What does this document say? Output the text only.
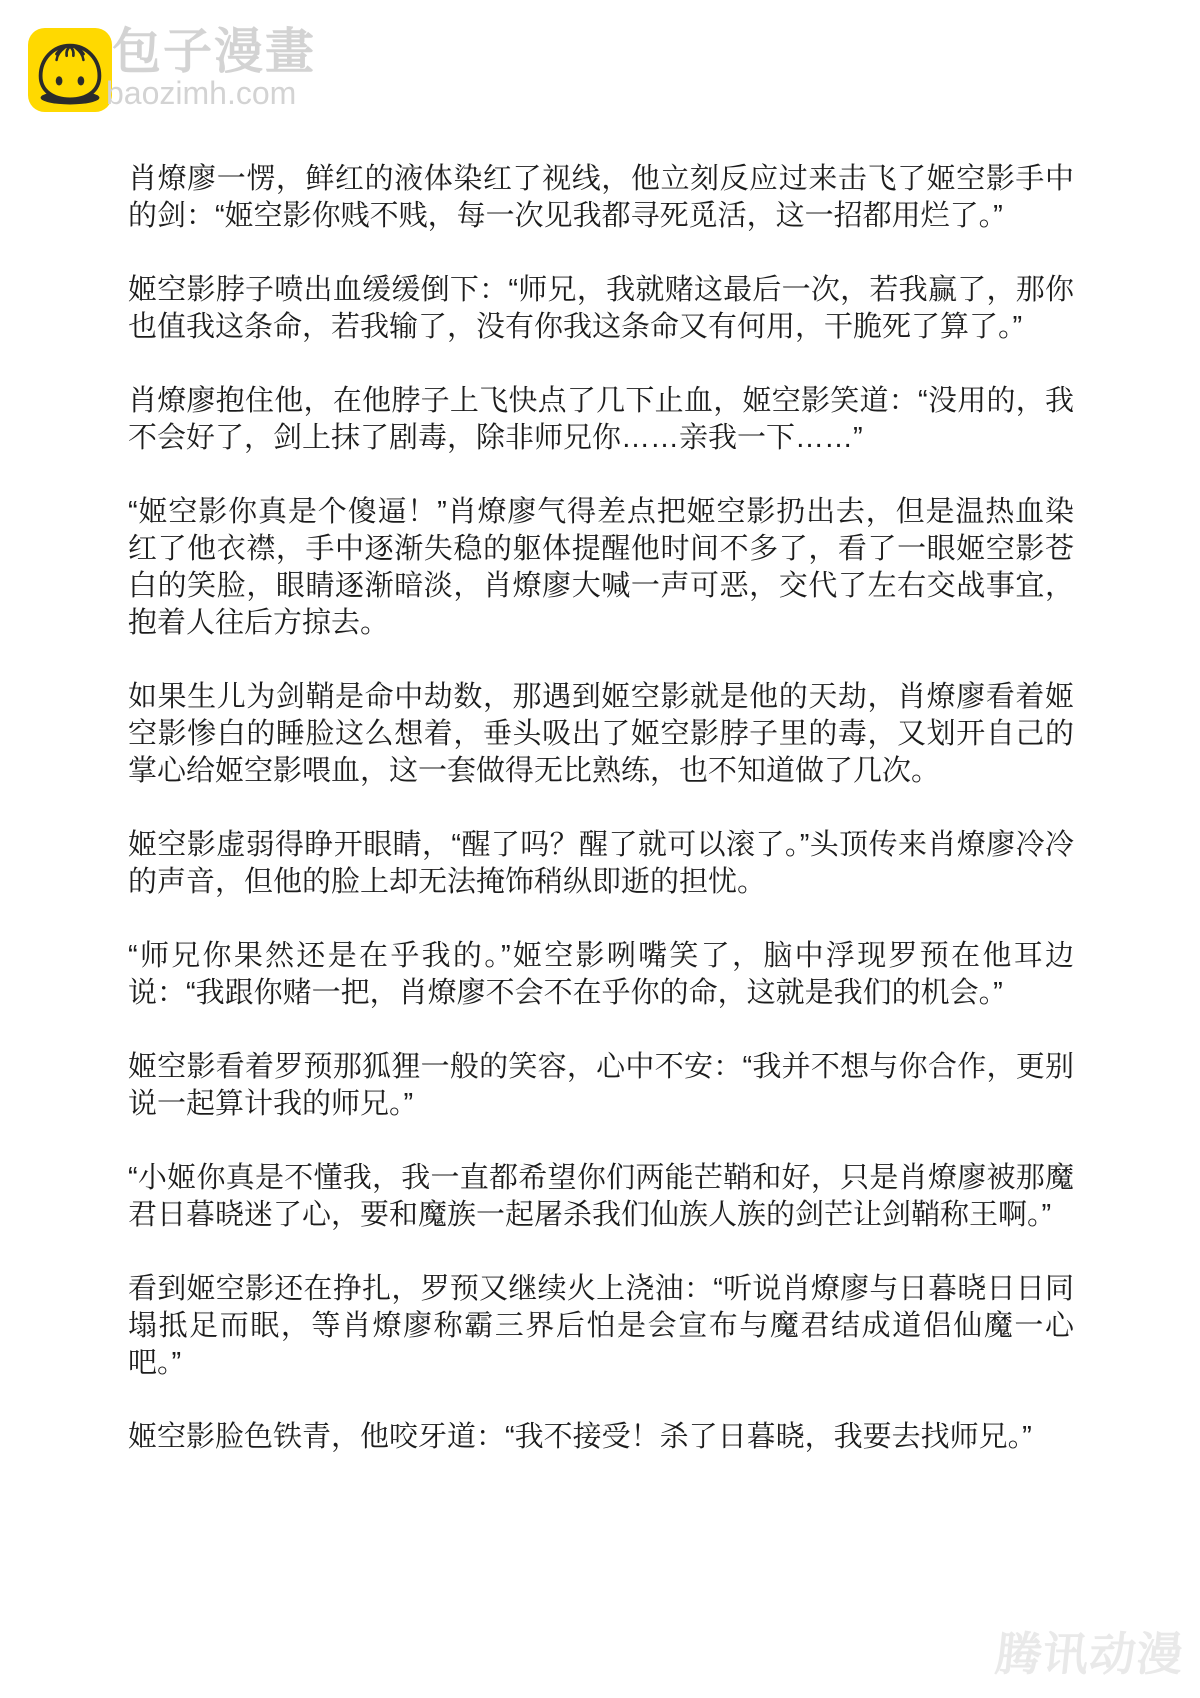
包子漫畫
baozimh.com

肖燎廖一愣，鲜红的液体染红了视线，他立刻反应过来击飞了姬空影手中的剑：“姬空影你贱不贱，每一次见我都寻死觅活，这一招都用烂了。”

姬空影脖子喷出血缓缓倒下：“师兄，我就赌这最后一次，若我赢了，那你也值我这条命，若我输了，没有你我这条命又有何用，干脆死了算了。”

肖燎廖抱住他，在他脖子上飞快点了几下止血，姬空影笑道：“没用的，我不会好了，剑上抹了剧毒，除非师兄你……亲我一下……”

“姬空影你真是个傻逼！”肖燎廖气得差点把姬空影扔出去，但是温热血染红了他衣襟，手中逐渐失稳的躯体提醒他时间不多了，看了一眼姬空影苍白的笑脸，眼睛逐渐暗淡，肖燎廖大喊一声可恶，交代了左右交战事宜，抱着人往后方掠去。

如果生儿为剑鞘是命中劫数，那遇到姬空影就是他的天劫，肖燎廖看着姬空影惨白的睡脸这么想着，垂头吸出了姬空影脖子里的毒，又划开自己的掌心给姬空影喂血，这一套做得无比熟练，也不知道做了几次。

姬空影虚弱得睁开眼睛，“醒了吗？醒了就可以滚了。”头顶传来肖燎廖冷冷的声音，但他的脸上却无法掩饰稍纵即逝的担忧。

“师兄你果然还是在乎我的。”姬空影咧嘴笑了，脑中浮现罗预在他耳边说：“我跟你赌一把，肖燎廖不会不在乎你的命，这就是我们的机会。”

姬空影看着罗预那狐狸一般的笑容，心中不安：“我并不想与你合作，更别说一起算计我的师兄。”

“小姬你真是不懂我，我一直都希望你们两能芒鞘和好，只是肖燎廖被那魔君日暮晓迷了心，要和魔族一起屠杀我们仙族人族的剑芒让剑鞘称王啊。”

看到姬空影还在挣扎，罗预又继续火上浇油：“听说肖燎廖与日暮晓日日同塌抵足而眠，等肖燎廖称霸三界后怕是会宣布与魔君结成道侣仙魔一心吧。”

姬空影脸色铁青，他咬牙道：“我不接受！杀了日暮晓，我要去找师兄。”

腾讯动漫
